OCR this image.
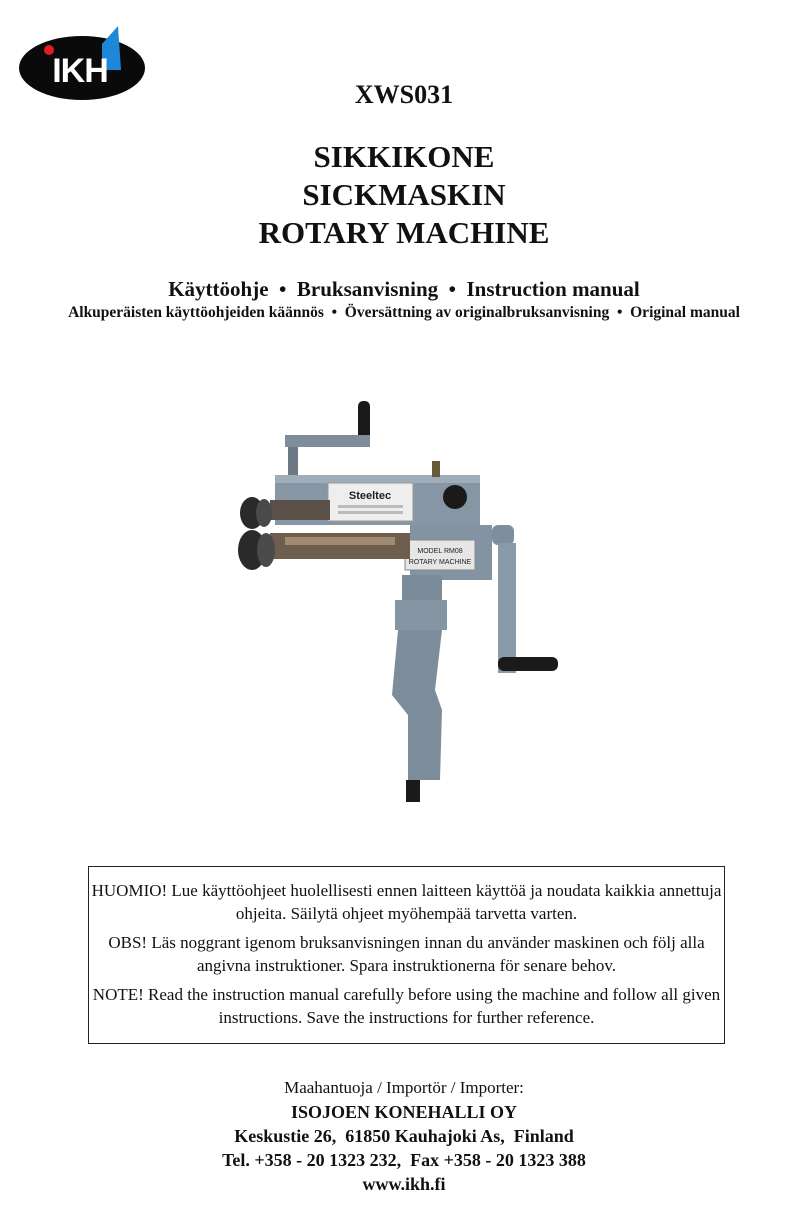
IKH
XWS031
SIKKIKONE
SICKMASKIN
ROTARY MACHINE
Käyttöohje  •  Bruksanvisning  •  Instruction manual
Alkuperäisten käyttöohjeiden käännös  •  Översättning av originalbruksanvisning  •  Original manual
Steeltec
MODEL RM08
ROTARY MACHINE

HUOMIO! Lue käyttöohjeet huolellisesti ennen laitteen käyttöä ja noudata kaikkia annettuja ohjeita. Säilytä ohjeet myöhempää tarvetta varten.

OBS! Läs noggrant igenom bruksanvisningen innan du använder maskinen och följ alla angivna instruktioner. Spara instruktionerna för senare behov.

NOTE! Read the instruction manual carefully before using the machine and follow all given instructions. Save the instructions for further reference.

Maahantuoja / Importör / Importer:
ISOJOEN KONEHALLI OY
Keskustie 26,  61850 Kauhajoki As,  Finland
Tel. +358 - 20 1323 232,  Fax +358 - 20 1323 388
www.ikh.fi
